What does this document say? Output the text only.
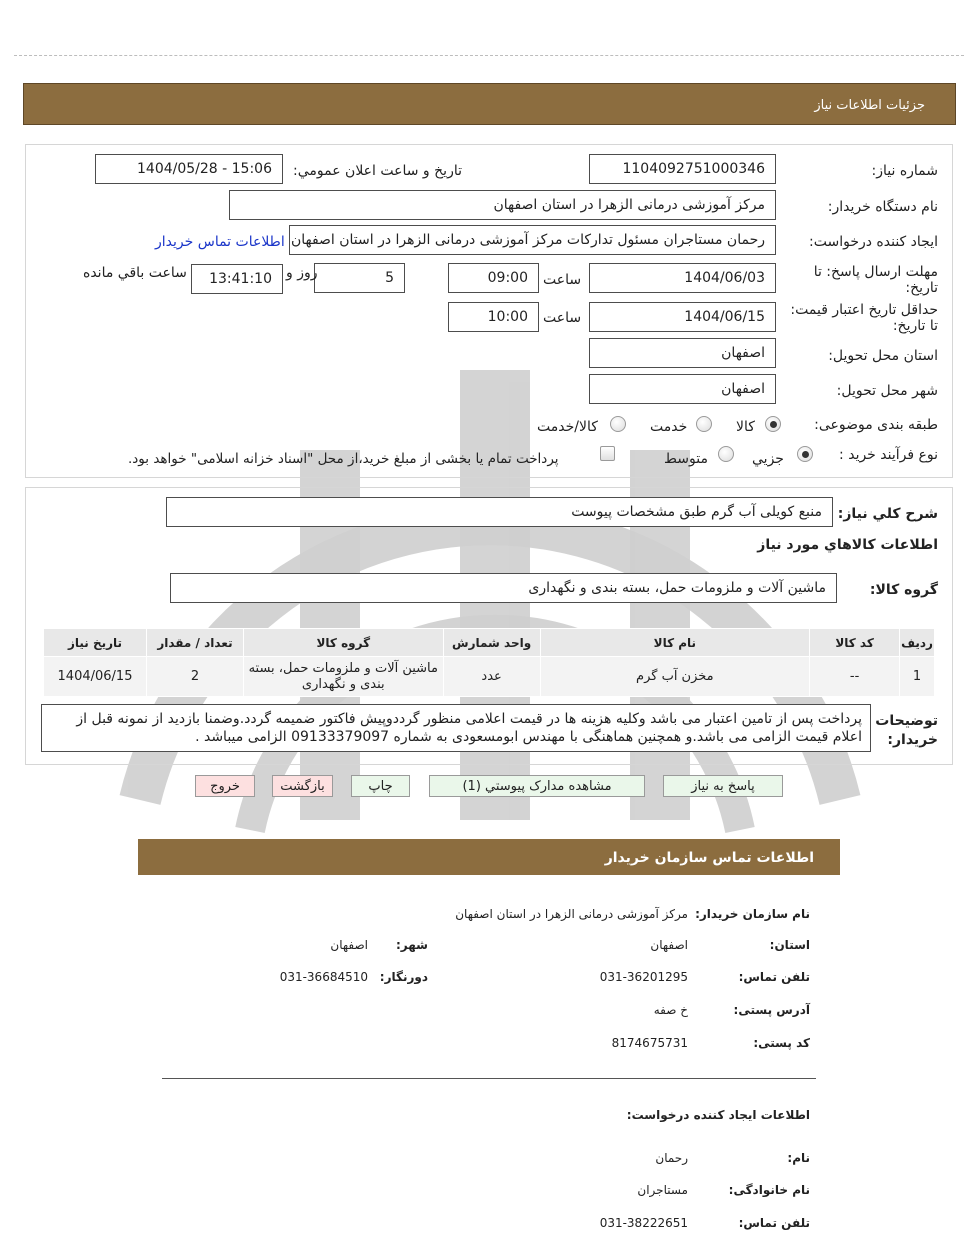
جزئيات اطلاعات نياز
شماره نیاز:
1104092751000346
تاريخ و ساعت اعلان عمومي:
1404/05/28 - 15:06
نام دستگاه خريدار:
مرکز آموزشی درمانی الزهرا در استان اصفهان
ايجاد کننده درخواست:
رحمان مستاجران مسئول تدارکات مرکز آموزشی درمانی الزهرا در استان اصفهان
اطلاعات تماس خريدار
مهلت ارسال پاسخ: تا
تاریخ:
1404/06/03
ساعت
09:00
5
روز و
13:41:10
ساعت باقي مانده
حداقل تاريخ اعتبار قيمت:
تا تاريخ:
1404/06/15
ساعت
10:00
استان محل تحويل:
اصفهان
شهر محل تحويل:
اصفهان
طبقه بندی موضوعی:
کالا
خدمت
کالا/خدمت
نوع فرآيند خريد :
جزیي
متوسط
پرداخت تمام يا بخشی از مبلغ خريد،از محل "اسناد خزانه اسلامی" خواهد بود.
شرح كلي نياز:
منبع کویلی آب گرم طبق مشخصات پیوست
اطلاعات كالاهاي مورد نياز
گروه كالا:
ماشین آلات و ملزومات حمل، بسته بندی و نگهداری
رديف	كد كالا	نام كالا	واحد شمارش	گروه كالا	تعداد / مقدار	تاريخ نياز
1	--	مخزن آب گرم	عدد	ماشین آلات و ملزومات حمل، بسته بندی و نگهداری	2	1404/06/15
توضيحات خريدار:
پرداخت پس از تامین اعتبار می باشد وکلیه هزینه ها در قیمت اعلامی منظور گرددوپیش فاکتور ضمیمه گردد.وضمنا بازدید از نمونه قبل از اعلام قیمت الزامی می باشد.و همچنین هماهنگی با مهندس ابومسعودی به شماره 09133379097 الزامی میباشد .
پاسخ به نياز
مشاهده مدارک پیوستي (1)
چاپ
بازگشت
خروج
اطلاعات تماس سازمان خريدار
نام سازمان خريدار:
مرکز آموزشی درمانی الزهرا در استان اصفهان
استان:
اصفهان
شهر:
اصفهان
تلفن تماس:
031-36201295
دورنگار:
031-36684510
آدرس پستی:
خ صفه
کد پستی:
8174675731
اطلاعات ایجاد کننده درخواست:
نام:
رحمان
نام خانوادگی:
مستاجران
تلفن تماس:
031-38222651
